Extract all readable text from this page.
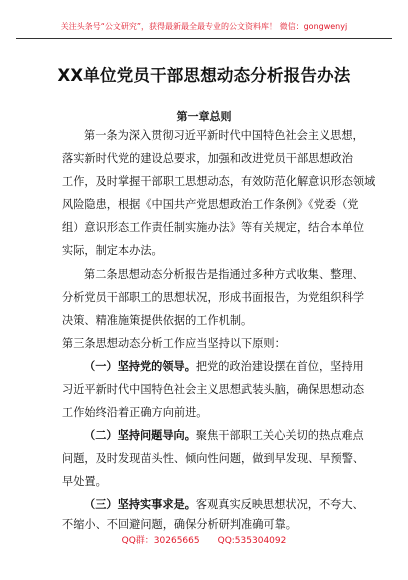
关注头条号“公文研究”，获得最新最全最专业的公文资料库！ 微信：gongwenyj
XX单位党员干部思想动态分析报告办法
第一章总则
第一条为深入贯彻习近平新时代中国特色社会主义思想，
落实新时代党的建设总要求，加强和改进党员干部思想政治
工作，及时掌握干部职工思想动态，有效防范化解意识形态领域
风险隐患，根据《中国共产党思想政治工作条例》《党委（党
组）意识形态工作责任制实施办法》等有关规定，结合本单位
实际，制定本办法。
第二条思想动态分析报告是指通过多种方式收集、整理、
分析党员干部职工的思想状况，形成书面报告，为党组织科学
决策、精准施策提供依据的工作机制。
第三条思想动态分析工作应当坚持以下原则：
（一）坚持党的领导。把党的政治建设摆在首位，坚持用
习近平新时代中国特色社会主义思想武装头脑，确保思想动态
工作始终沿着正确方向前进。
（二）坚持问题导向。聚焦干部职工关心关切的热点难点
问题，及时发现苗头性、倾向性问题，做到早发现、早预警、
早处置。
（三）坚持实事求是。客观真实反映思想状况，不夸大、
不缩小、不回避问题，确保分析研判准确可靠。
QQ群：30265665 QQ:535304092
